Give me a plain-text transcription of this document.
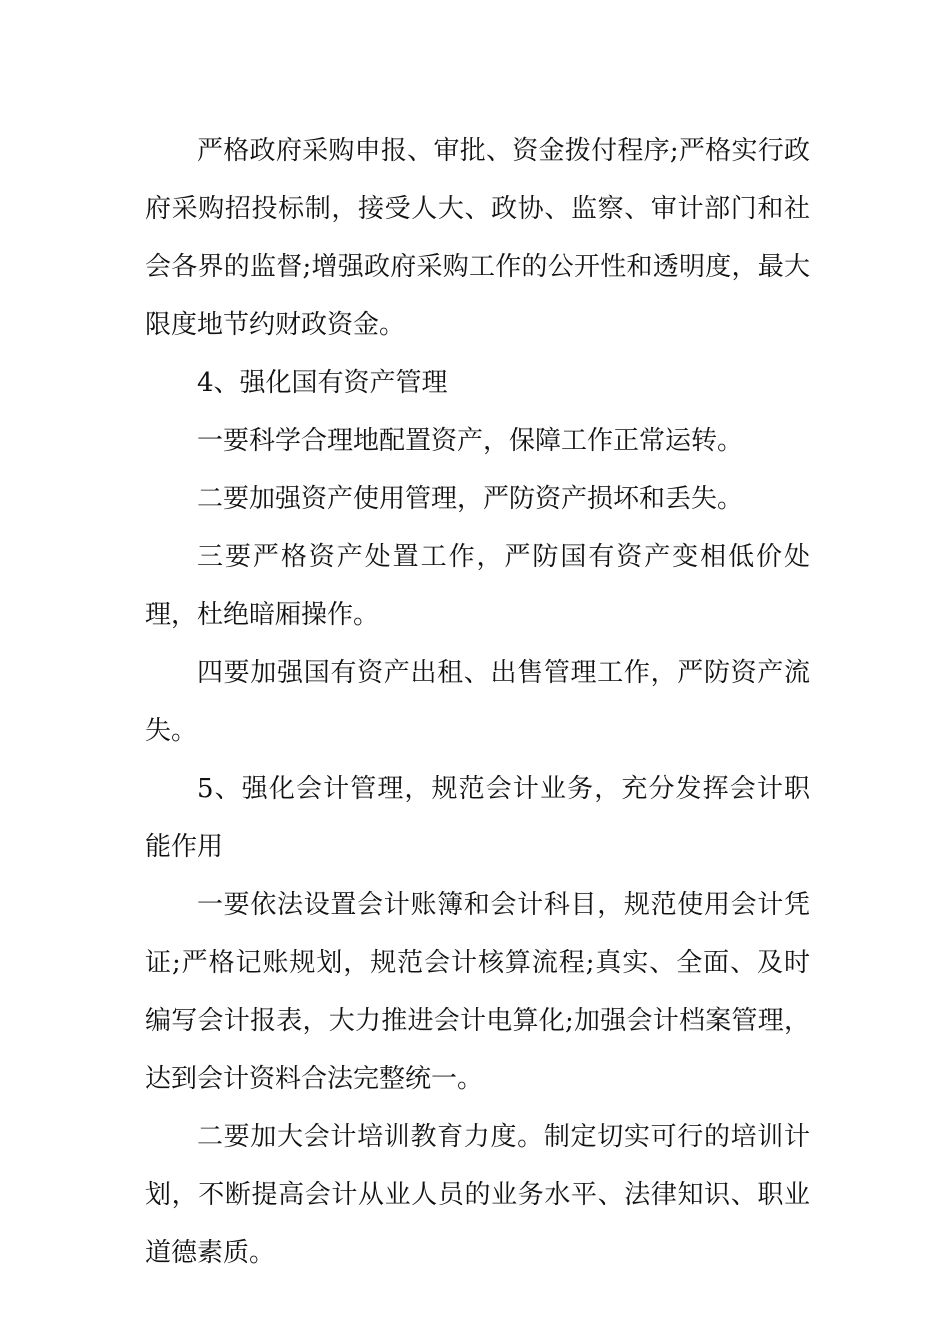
严格政府采购申报、审批、资金拨付程序;严格实行政府采购招投标制，接受人大、政协、监察、审计部门和社会各界的监督;增强政府采购工作的公开性和透明度，最大限度地节约财政资金。

4、强化国有资产管理

一要科学合理地配置资产，保障工作正常运转。

二要加强资产使用管理，严防资产损坏和丢失。

三要严格资产处置工作，严防国有资产变相低价处理，杜绝暗厢操作。

四要加强国有资产出租、出售管理工作，严防资产流失。

5、强化会计管理，规范会计业务，充分发挥会计职能作用

一要依法设置会计账簿和会计科目，规范使用会计凭证;严格记账规划，规范会计核算流程;真实、全面、及时编写会计报表，大力推进会计电算化;加强会计档案管理，达到会计资料合法完整统一。

二要加大会计培训教育力度。制定切实可行的培训计划，不断提高会计从业人员的业务水平、法律知识、职业道德素质。
